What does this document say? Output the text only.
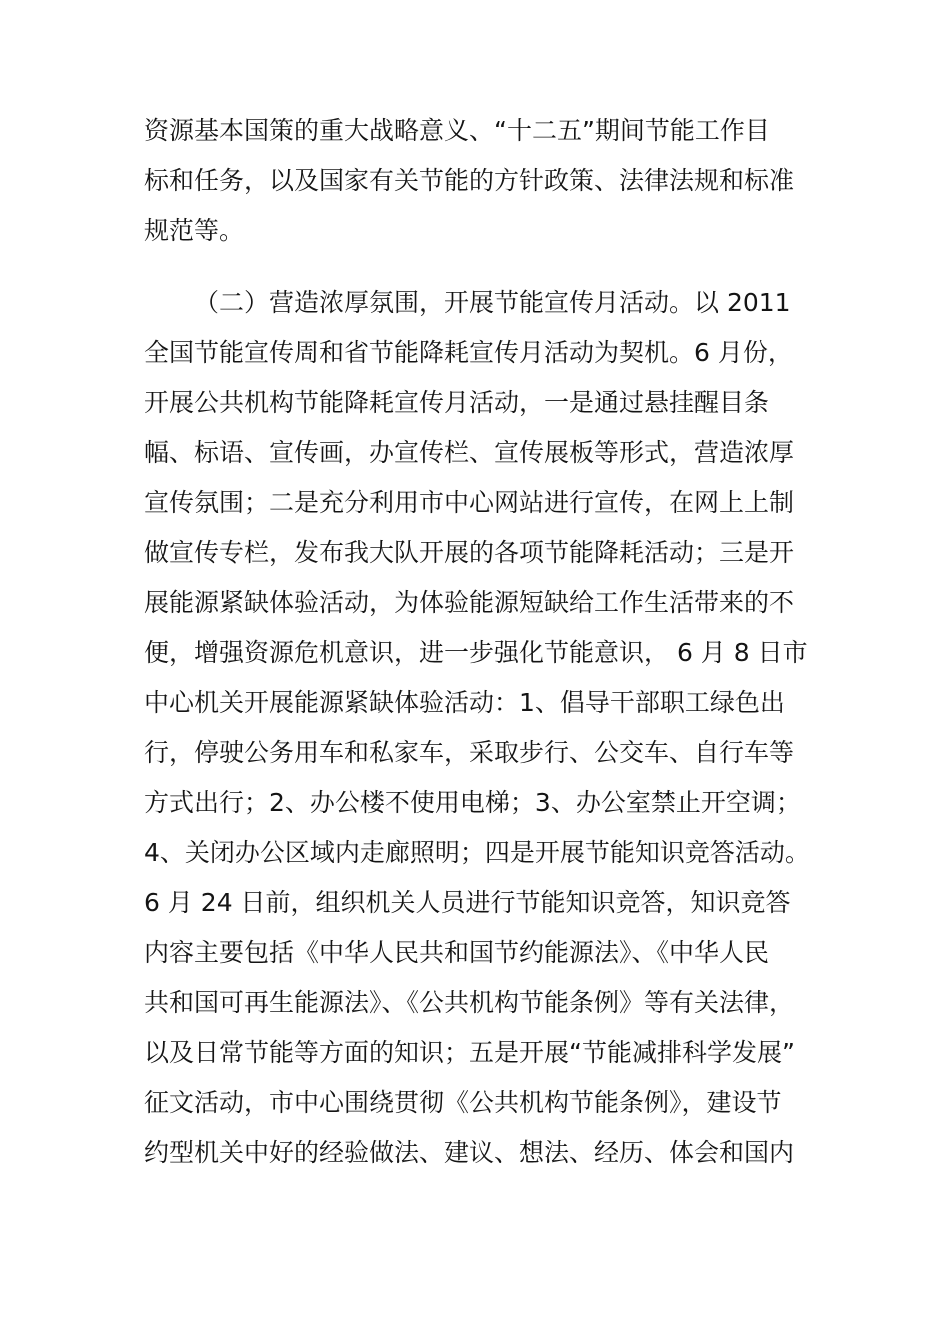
资源基本国策的重大战略意义、“十二五”期间节能工作目
标和任务，以及国家有关节能的方针政策、法律法规和标准
规范等。
（二）营造浓厚氛围，开展节能宣传月活动。以 2011
全国节能宣传周和省节能降耗宣传月活动为契机。6 月份，
开展公共机构节能降耗宣传月活动，一是通过悬挂醒目条
幅、标语、宣传画，办宣传栏、宣传展板等形式，营造浓厚
宣传氛围；二是充分利用市中心网站进行宣传，在网上上制
做宣传专栏，发布我大队开展的各项节能降耗活动；三是开
展能源紧缺体验活动，为体验能源短缺给工作生活带来的不
便，增强资源危机意识，进一步强化节能意识， 6 月 8 日市
中心机关开展能源紧缺体验活动：1、倡导干部职工绿色出
行，停驶公务用车和私家车，采取步行、公交车、自行车等
方式出行；2、办公楼不使用电梯；3、办公室禁止开空调；
4、关闭办公区域内走廊照明；四是开展节能知识竞答活动。
6 月 24 日前，组织机关人员进行节能知识竞答，知识竞答
内容主要包括《中华人民共和国节约能源法》、《中华人民
共和国可再生能源法》、《公共机构节能条例》等有关法律，
以及日常节能等方面的知识；五是开展“节能减排科学发展”
征文活动，市中心围绕贯彻《公共机构节能条例》，建设节
约型机关中好的经验做法、建议、想法、经历、体会和国内
